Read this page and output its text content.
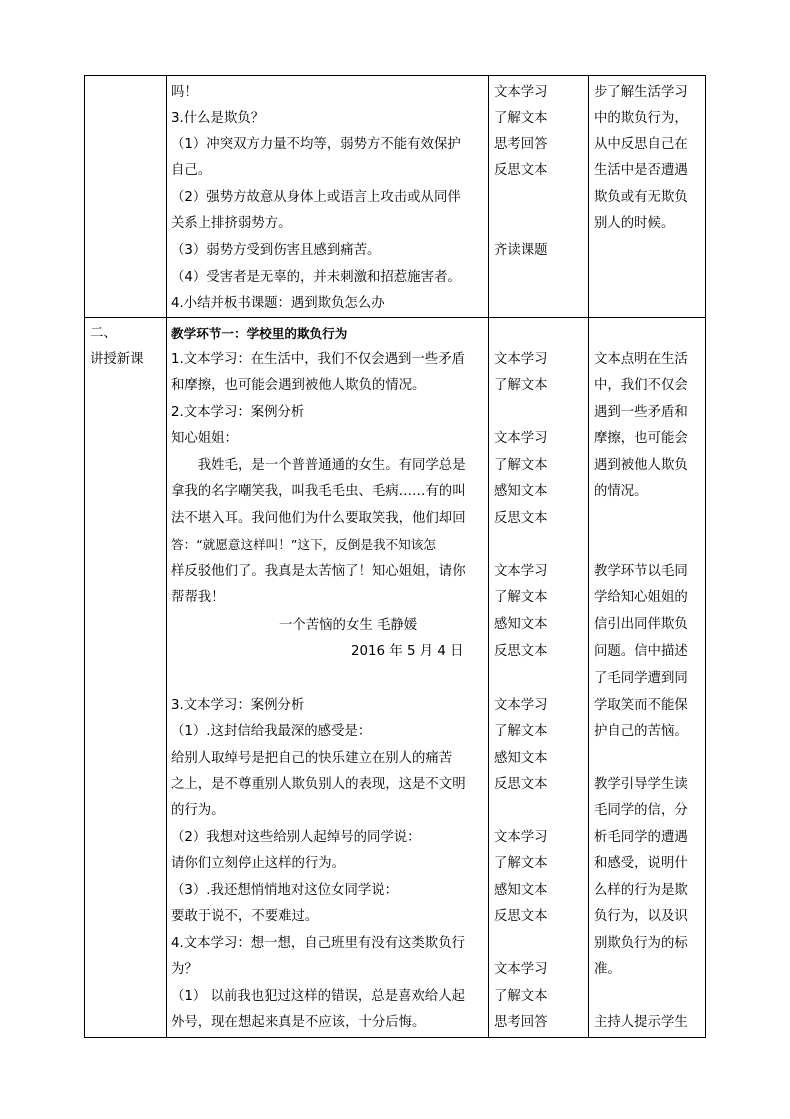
吗！
3.什么是欺负？
（1）冲突双方力量不均等，弱势方不能有效保护
自己。
（2）强势方故意从身体上或语言上攻击或从同伴
关系上排挤弱势方。
（3）弱势方受到伤害且感到痛苦。
（4）受害者是无辜的，并未刺激和招惹施害者。
4.小结并板书课题：遇到欺负怎么办
文本学习
了解文本
思考回答
反思文本
齐读课题
步了解生活学习
中的欺负行为，
从中反思自己在
生活中是否遭遇
欺负或有无欺负
别人的时候。
二、
讲授新课
教学环节一：学校里的欺负行为
1.文本学习：在生活中，我们不仅会遇到一些矛盾
和摩擦，也可能会遇到被他人欺负的情况。
2.文本学习：案例分析
知心姐姐：
　　我姓毛，是一个普普通通的女生。有同学总是
拿我的名字嘲笑我，叫我毛毛虫、毛病……有的叫
法不堪入耳。我问他们为什么要取笑我，他们却回
答：“就愿意这样叫！”这下，反倒是我不知该怎
样反驳他们了。我真是太苦恼了！知心姐姐，请你
帮帮我！
一个苦恼的女生 毛静媛
2016 年 5 月 4 日
3.文本学习：案例分析
（1）.这封信给我最深的感受是：
给别人取绰号是把自己的快乐建立在别人的痛苦
之上，是不尊重别人欺负别人的表现，这是不文明
的行为。
（2）我想对这些给别人起绰号的同学说：
请你们立刻停止这样的行为。
（3）.我还想悄悄地对这位女同学说：
要敢于说不，不要难过。
4.文本学习：想一想，自己班里有没有这类欺负行
为？
（1） 以前我也犯过这样的错误，总是喜欢给人起
外号，现在想起来真是不应该，十分后悔。
文本学习
了解文本
文本学习
了解文本
感知文本
反思文本
文本学习
了解文本
感知文本
反思文本
文本学习
了解文本
感知文本
反思文本
文本学习
了解文本
感知文本
反思文本
文本学习
了解文本
思考回答
文本点明在生活
中，我们不仅会
遇到一些矛盾和
摩擦，也可能会
遇到被他人欺负
的情况。
教学环节以毛同
学给知心姐姐的
信引出同伴欺负
问题。信中描述
了毛同学遭到同
学取笑而不能保
护自己的苦恼。
教学引导学生读
毛同学的信，分
析毛同学的遭遇
和感受，说明什
么样的行为是欺
负行为，以及识
别欺负行为的标
准。
主持人提示学生
